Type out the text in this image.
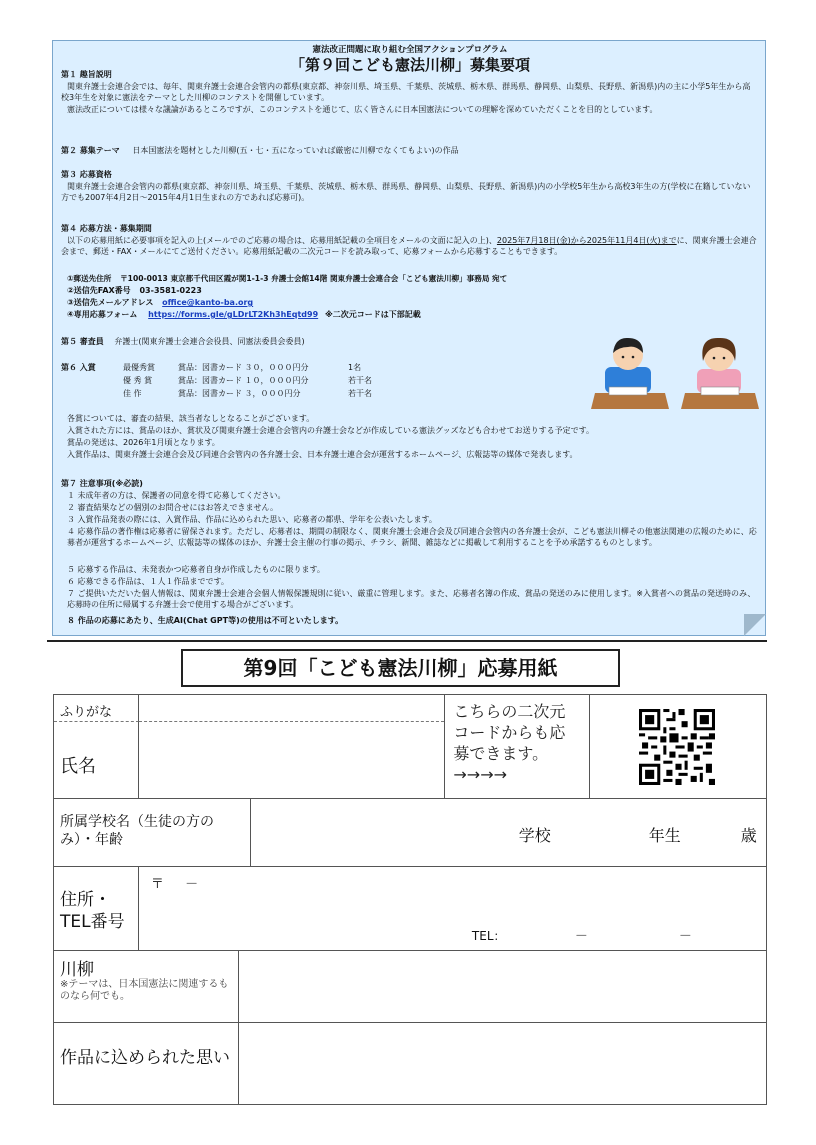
憲法改正問題に取り組む全国アクションプログラム
「第９回こども憲法川柳」募集要項
第１ 趣旨説明
関東弁護士会連合会では、毎年、関東弁護士会連合会管内の都県(東京都、神奈川県、埼玉県、千葉県、茨城県、栃木県、群馬県、静岡県、山梨県、長野県、新潟県)内の主に小学5年生から高校3年生を対象に憲法をテーマとした川柳のコンテストを開催しています。
憲法改正については様々な議論があるところですが、このコンテストを通じて、広く皆さんに日本国憲法についての理解を深めていただくことを目的としています。
第２ 募集テーマ 日本国憲法を題材とした川柳(五・七・五になっていれば厳密に川柳でなくてもよい)の作品
第３ 応募資格
関東弁護士会連合会管内の都県(東京都、神奈川県、埼玉県、千葉県、茨城県、栃木県、群馬県、静岡県、山梨県、長野県、新潟県)内の小学校5年生から高校3年生の方(学校に在籍していない方でも2007年4月2日～2015年4月1日生まれの方であれば応募可)。
第４ 応募方法・募集期間
以下の応募用紙に必要事項を記入の上(メールでのご応募の場合は、応募用紙記載の全項目をメールの文面に記入の上)、2025年7月18日(金)から2025年11月4日(火)までに、関東弁護士会連合会まで、郵送・FAX・メールにてご送付ください。応募用紙記載の二次元コードを読み取って、応募フォームから応募することもできます。
①郵送先住所 〒100-0013 東京都千代田区霞が関1-1-3 弁護士会館14階 関東弁護士会連合会「こども憲法川柳」事務局 宛て
②送信先FAX番号 03-3581-0223
③送信先メールアドレス office@kanto-ba.org
④専用応募フォーム https://forms.gle/gLDrLT2Kh3hEqtd99 ※二次元コードは下部記載
第５ 審査員 弁護士(関東弁護士会連合会役員、同憲法委員会委員)
第６ 入賞	最優秀賞	賞品：図書カード ３０，０００円分	1名
優 秀 賞	賞品：図書カード １０，０００円分	若干名
佳 作	賞品：図書カード ３，０００円分	若干名
各賞については、審査の結果、該当者なしとなることがございます。
入賞された方には、賞品のほか、賞状及び関東弁護士会連合会管内の弁護士会などが作成している憲法グッズなども合わせてお送りする予定です。
賞品の発送は、2026年1月頃となります。
入賞作品は、関東弁護士会連合会及び同連合会管内の各弁護士会、日本弁護士連合会が運営するホームページ、広報誌等の媒体で発表します。
第７ 注意事項(※必読)
１ 未成年者の方は、保護者の同意を得て応募してください。
２ 審査結果などの個別のお問合せにはお答えできません。
３ 入賞作品発表の際には、入賞作品、作品に込められた思い、応募者の都県、学年を公表いたします。
４ 応募作品の著作権は応募者に留保されます。ただし、応募者は、期間の制限なく、関東弁護士会連合会及び同連合会管内の各弁護士会が、こども憲法川柳その他憲法関連の広報のために、応募者が運営するホームページ、広報誌等の媒体のほか、弁護士会主催の行事の掲示、チラシ、新聞、雑誌などに掲載して利用することを予め承諾するものとします。
５ 応募する作品は、未発表かつ応募者自身が作成したものに限ります。
６ 応募できる作品は、１人１作品までです。
７ ご提供いただいた個人情報は、関東弁護士会連合会個人情報保護規則に従い、厳重に管理します。また、応募者名簿の作成、賞品の発送のみに使用します。※入賞者への賞品の発送時のみ、応募時の住所に帰属する弁護士会で使用する場合がございます。
８ 作品の応募にあたり、生成AI(Chat GPT等)の使用は不可といたします。
第9回「こども憲法川柳」応募用紙
ふりがな
氏名				こちらの二次元コードからも応募できます。→→→→	

所属学校名（生徒の方のみ）・年齢			学校 年生 歳		

住所・TEL番号	〒 　 －
TEL： － －				

川柳
※テーマは、日本国憲法に関連するものなら何でも。					

作品に込められた思い					
